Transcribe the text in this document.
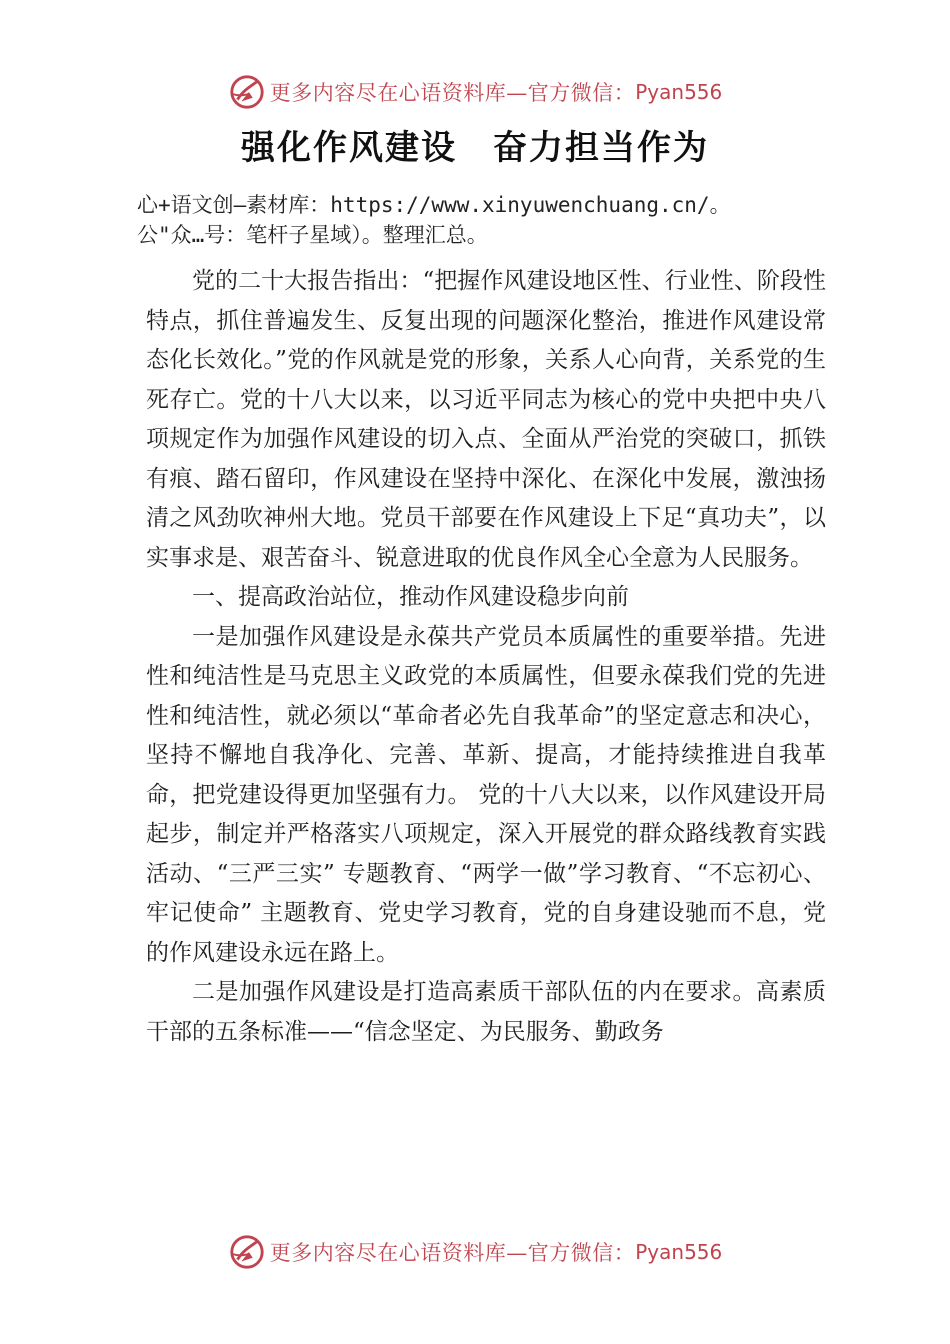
更多内容尽在心语资料库—官方微信： Pyan556
强化作风建设　奋力担当作为
心+语文创—素材库：https://www.xinyuwenchuang.cn/。
公"众…号：笔杆子星域）。整理汇总。

党的二十大报告指出：“把握作风建设地区性、行业性、阶段性特点，抓住普遍发生、反复出现的问题深化整治，推进作风建设常态化长效化。”党的作风就是党的形象，关系人心向背，关系党的生死存亡。党的十八大以来，以习近平同志为核心的党中央把中央八项规定作为加强作风建设的切入点、全面从严治党的突破口，抓铁有痕、踏石留印，作风建设在坚持中深化、在深化中发展，激浊扬清之风劲吹神州大地。党员干部要在作风建设上下足“真功夫”，以实事求是、艰苦奋斗、锐意进取的优良作风全心全意为人民服务。

一、提高政治站位，推动作风建设稳步向前

一是加强作风建设是永葆共产党员本质属性的重要举措。先进性和纯洁性是马克思主义政党的本质属性，但要永葆我们党的先进性和纯洁性，就必须以“革命者必先自我革命”的坚定意志和决心，坚持不懈地自我净化、完善、革新、提高，才能持续推进自我革命，把党建设得更加坚强有力。 党的十八大以来，以作风建设开局起步，制定并严格落实八项规定，深入开展党的群众路线教育实践活动、“三严三实” 专题教育、“两学一做”学习教育、“不忘初心、牢记使命” 主题教育、党史学习教育，党的自身建设驰而不息，党的作风建设永远在路上。

二是加强作风建设是打造高素质干部队伍的内在要求。高素质干部的五条标准——“信念坚定、为民服务、勤政务

更多内容尽在心语资料库—官方微信： Pyan556
